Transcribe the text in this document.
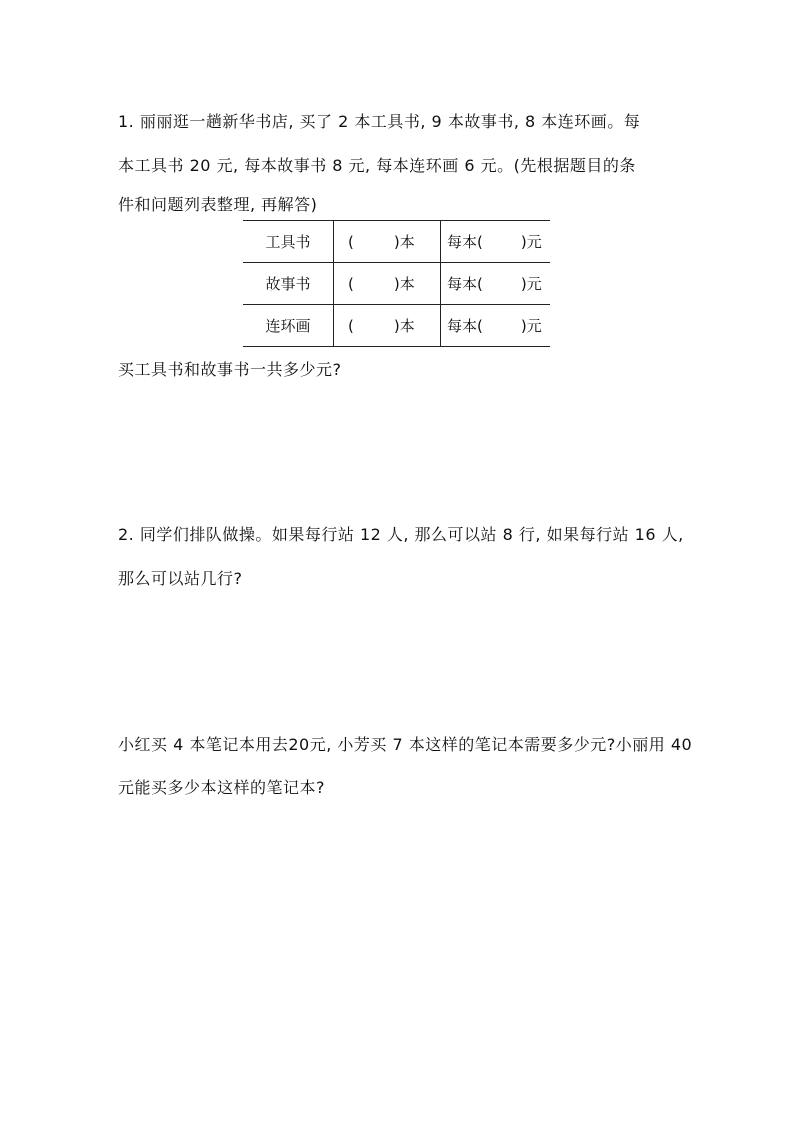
1. 丽丽逛一趟新华书店, 买了 2 本工具书, 9 本故事书, 8 本连环画。每
本工具书 20 元, 每本故事书 8 元, 每本连环画 6 元。(先根据题目的条
件和问题列表整理, 再解答)
工具书	( )本	每本( )元
故事书	( )本	每本( )元
连环画	( )本	每本( )元
买工具书和故事书一共多少元?
2. 同学们排队做操。如果每行站 12 人, 那么可以站 8 行, 如果每行站 16 人,
那么可以站几行?
小红买 4 本笔记本用去20元, 小芳买 7 本这样的笔记本需要多少元?小丽用 40
元能买多少本这样的笔记本?
